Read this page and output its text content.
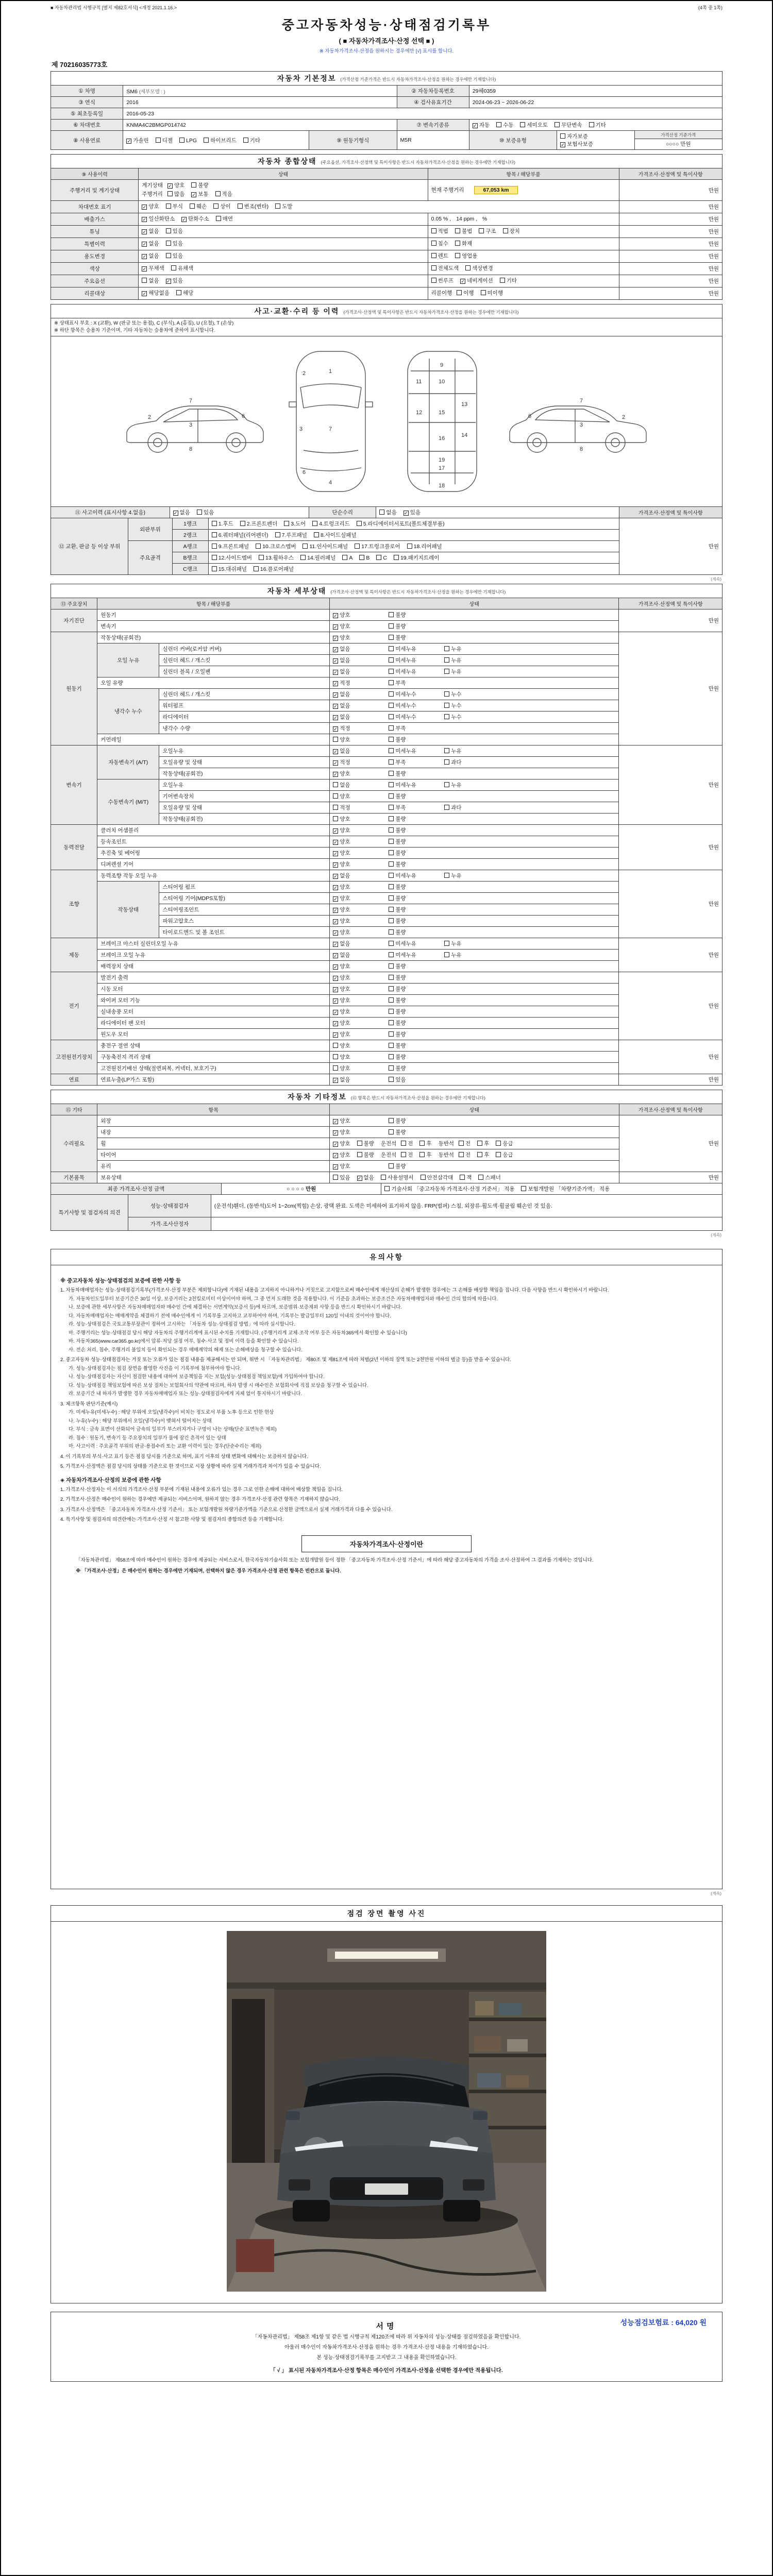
■ 자동차관리법 시행규칙 [별지 제82호서식] <개정 2021.1.16.>	(4쪽 중 1쪽)
중고자동차성능·상태점검기록부
( ■ 자동차가격조사·산정 선택 ■ )
※ 자동차가격조사·산정을 원하시는 경우에만 [√] 표시를 합니다.
제 70216035773호
자동차 기본정보 (가격산정 기준가격은 반드시 자동차가격조사·산정을 원하는 경우에만 기재합니다)						
① 차명	SM6 (세부모델 : )		② 자동차등록번호	29헤0359		
③ 연식	2016		④ 검사유효기간	2024-06-23 ~ 2026-06-22		
⑤ 최초등록일	2016-05-23					
⑥ 차대번호	KNMA4C2BMGP014742		⑦ 변속기종류	✓ 자동 수동 세미오토 무단변속 기타		
⑧ 사용연료	✓ 가솔린 디젤 LPG 하이브리드 기타	⑨ 원동기형식	M5R	⑩ 보증유형	자가보증✓ 보험사보증	가격산정 기준가격
○○○○ 만원
자동차 종합상태 (주요옵션, 가격조사·산정액 및 특이사항은 반드시 자동차가격조사·산정을 원하는 경우에만 기재합니다)			
⑨ 사용이력	상태	항목 / 해당부품	가격조사·산정액 및 특이사항
주행거리 및 계기상태	계기상태 ✓ 양호 불량
주행거리 많음 ✓ 보통 적음	현재 주행거리 67,053 km	만원
차대번호 표기	✓ 양호 부식 훼손 상이 변조(변타) 도말		만원
배출가스	✓ 일산화탄소 ✓ 탄화수소 매연	0.05 % , 14 ppm , %	만원
튜닝	✓ 없음 있음	적법 불법 구조 장치	만원
특별이력	✓ 없음 있음	침수 화재	만원
용도변경	✓ 없음 있음	렌트 영업용	만원
색상	✓ 무채색 유채색	전체도색 색상변경	만원
주요옵션	없음 ✓ 있음	썬루프 ✓ 네비게이션 기타	만원
리콜대상	✓ 해당없음 해당	리콜이행 이행 미이행	만원
사고·교환·수리 등 이력 (가격조사·산정액 및 특이사항은 반드시 자동차가격조사·산정을 원하는 경우에만 기재합니다)

※ 상태표시 부호 : X (교환), W (판금 또는 용접), C (부식), A (흠집), U (요철), T (손상)
※ 하단 항목은 승용차 기준이며, 기타 자동차는 승용차에 준하여 표시합니다.

2
3
7
8
6
1
2
3	7
6
4
9
11	10
13
12	15
14
16
19
17
18
2
3
7
8
6
⑪ 사고이력 (표시사항 4.없음)	✓ 없음 있음	단순수리	없음 ✓ 있음	가격조사·산정액 및 특이사항
⑫ 교환, 판금 등 이상 부위	외판부위	1랭크	1.후드 2.프론트펜더 3.도어 4.트렁크리드 5.라디에이터서포트(볼트체결부품)	만원
		2랭크	6.쿼터패널(리어펜더) 7.루프패널 8.사이드실패널	
	주요골격	A랭크	9.프론트패널 10.크로스멤버 11.인사이드패널 17.트렁크플로어 18.리어패널	
		B랭크	12.사이드멤버 13.휠하우스 14.필러패널 A B C 19.패키지트레이	
		C랭크	15.대쉬패널 16.플로어패널	
(계속)
자동차 세부상태 (가격조사·산정액 및 특이사항은 반드시 자동차가격조사·산정을 원하는 경우에만 기재합니다)				
⑬ 주요장치	항목 / 해당부품		상태	가격조사·산정액 및 특이사항
자기진단	원동기		✓ 양호 불량	만원
	변속기		✓ 양호 불량	
원동기	작동상태(공회전)		✓ 양호 불량	만원
	오일 누유	실린더 커버(로커암 커버)	✓ 없음 미세누유 누유	
		실린더 헤드 / 개스킷	✓ 없음 미세누유 누유	
		실린더 블록 / 오일팬	✓ 없음 미세누유 누유	
	오일 유량		✓ 적정 부족	
	냉각수 누수	실린더 헤드 / 개스킷	✓ 없음 미세누수 누수	
		워터펌프	✓ 없음 미세누수 누수	
		라디에이터	✓ 없음 미세누수 누수	
		냉각수 수량	✓ 적정 부족	
	커먼레일		양호 불량	
변속기	자동변속기 (A/T)	오일누유	✓ 없음 미세누유 누유	만원
		오일유량 및 상태	✓ 적정 부족 과다	
		작동상태(공회전)	✓ 양호 불량	
	수동변속기 (M/T)	오일누유	없음 미세누유 누유	
		기어변속장치	양호 불량	
		오일유량 및 상태	적정 부족 과다	
		작동상태(공회전)	양호 불량	
동력전달	클러치 어셈블리		✓ 양호 불량	만원
	등속조인트		✓ 양호 불량	
	추진축 및 베어링		✓ 양호 불량	
	디퍼렌셜 기어		✓ 양호 불량	
조향	동력조향 작동 오일 누유		✓ 없음 미세누유 누유	만원
	작동상태	스티어링 펌프	✓ 양호 불량	
		스티어링 기어(MDPS포함)	✓ 양호 불량	
		스티어링조인트	✓ 양호 불량	
		파워고압호스	✓ 양호 불량	
		타이로드엔드 및 볼 조인트	✓ 양호 불량	
제동	브레이크 마스터 실린더오일 누유		✓ 없음 미세누유 누유	만원
	브레이크 오일 누유		✓ 없음 미세누유 누유	
	배력장치 상태		✓ 양호 불량	
전기	발전기 출력		✓ 양호 불량	만원
	시동 모터		✓ 양호 불량	
	와이퍼 모터 기능		✓ 양호 불량	
	실내송풍 모터		✓ 양호 불량	
	라디에이터 팬 모터		✓ 양호 불량	
	윈도우 모터		✓ 양호 불량	
고전원전기장치	충전구 절연 상태		양호 불량	만원
	구동축전지 격리 상태		양호 불량	
	고전원전기배선 상태(절연피복, 커넥터, 보호기구)		양호 불량	
연료	연료누출(LP가스 포함)		✓ 없음 있음	만원
자동차 기타정보 (⑮ 항목은 반드시 자동차가격조사·산정을 원하는 경우에만 기재합니다)			
⑮ 기타	항목	상태	가격조사·산정액 및 특이사항
수리필요	외장	✓ 양호 불량	만원
	내장	✓ 양호 불량	
	휠	✓ 양호 불량 운전석 전 후 동반석 전 후 응급	
	타이어	✓ 양호 불량 운전석 전 후 동반석 전 후 응급	
	유리	✓ 양호 불량	
기본품목	보유상태	있음 ✓ 없음 사용설명서 안전삼각대 잭 스패너	만원
최종 가격조사·산정 금액	○ ○ ○ ○ 만원	기술사회 「중고자동차 가격조사·산정 기준서」 적용 보험개발원 「차량기준가액」 적용
특기사항 및 점검자의 의견	성능·상태점검자	(운전석)휀더, (동반석)도어 1~2cm(찍힘) 손상, 광택 완료. 도색은 미세하여 표기하지 않음. FRP(범퍼) 스침, 외장류·휠도색·휠굴림 훼손인 것 있음.
	가격·조사산정자	
(계속)
유의사항
※ 중고자동차 성능·상태점검의 보증에 관한 사항 등
1. 자동차매매업자는 성능·상태점검기록부(가격조사·산정 부분은 제외합니다)에 기재된 내용을 고지하지 아니하거나 거짓으로 고지함으로써 매수인에게 재산상의 손해가 발생한 경우에는 그 손해를 배상할 책임을 집니다. 다음 사항을 반드시 확인하시기 바랍니다.
가. 자동차인도일부터 보증기간은 30일 이상, 보증거리는 2천킬로미터 이상이어야 하며, 그 중 먼저 도래한 것을 적용합니다. 이 기준을 초과하는 보증조건은 자동차매매업자와 매수인 간의 합의에 따릅니다.
나. 보증에 관한 세부사항은 자동차매매업자와 매수인 간에 체결하는 서면계약(보증서 등)에 따르며, 보증범위·보증제외 사항 등을 반드시 확인하시기 바랍니다.
다. 자동차매매업자는 매매계약을 체결하기 전에 매수인에게 이 기록부를 고지하고 교부하여야 하며, 기록부는 발급일부터 120일 이내의 것이어야 합니다.
라. 성능·상태점검은 국토교통부장관이 정하여 고시하는 「자동차 성능·상태점검 방법」에 따라 실시합니다.
마. 주행거리는 성능·상태점검 당시 해당 자동차의 주행거리계에 표시된 수치를 기재합니다. (주행거리계 교체·조작 여부 등은 자동차365에서 확인할 수 있습니다)
바. 자동차365(www.car365.go.kr)에서 압류·저당 설정 여부, 침수·사고 및 정비 이력 등을 확인할 수 있습니다.
사. 전손 처리, 침수, 주행거리 불일치 등이 확인되는 경우 매매계약의 해제 또는 손해배상을 청구할 수 있습니다.
2. 중고자동차 성능·상태점검자는 거짓 또는 오류가 있는 점검 내용을 제공해서는 안 되며, 위반 시 「자동차관리법」 제80조 및 제81조에 따라 처벌(2년 이하의 징역 또는 2천만원 이하의 벌금 등)을 받을 수 있습니다.
가. 성능·상태점검자는 점검 장면을 촬영한 사진을 이 기록부에 첨부하여야 합니다.
나. 성능·상태점검자는 자신이 점검한 내용에 대하여 보증책임을 지는 보험(성능·상태점검 책임보험)에 가입하여야 합니다.
다. 성능·상태점검 책임보험에 따른 보상 절차는 보험회사의 약관에 따르며, 하자 발생 시 매수인은 보험회사에 직접 보상을 청구할 수 있습니다.
라. 보증기간 내 하자가 발생한 경우 자동차매매업자 또는 성능·상태점검자에게 지체 없이 통지하시기 바랍니다.
3. 체크항목 판단기준(예시)
가. 미세누유(미세누수) : 해당 부위에 오일(냉각수)이 비치는 정도로서 부품 노후 등으로 인한 현상
나. 누유(누수) : 해당 부위에서 오일(냉각수)이 맺혀서 떨어지는 상태
다. 부식 : 금속 표면이 산화되어 금속의 일부가 부스러지거나 구멍이 나는 상태(단순 표면녹은 제외)
라. 침수 : 원동기, 변속기 등 주요장치의 일부가 물에 잠긴 흔적이 있는 상태
마. 사고이력 : 주요골격 부위의 판금·용접수리 또는 교환 이력이 있는 경우(단순수리는 제외)
4. 이 기록부의 부식·사고 표기 등은 점검 당시를 기준으로 하며, 표기 이후의 상태 변화에 대해서는 보증하지 않습니다.
5. 가격조사·산정액은 점검 당시의 상태를 기준으로 한 것이므로 시장 상황에 따라 실제 거래가격과 차이가 있을 수 있습니다.
◈ 자동차가격조사·산정의 보증에 관한 사항
1. 가격조사·산정자는 이 서식의 가격조사·산정 부분에 기재된 내용에 오류가 있는 경우 그로 인한 손해에 대하여 배상할 책임을 집니다.
2. 가격조사·산정은 매수인이 원하는 경우에만 제공되는 서비스이며, 원하지 않는 경우 가격조사·산정 관련 항목은 기재하지 않습니다.
3. 가격조사·산정액은 「중고자동차 가격조사·산정 기준서」 또는 보험개발원 차량기준가액을 기준으로 산정한 금액으로서 실제 거래가격과 다를 수 있습니다.
4. 특기사항 및 점검자의 의견란에는 가격조사·산정 시 참고한 사항 및 점검자의 종합의견 등을 기재합니다.
자동차가격조사·산정이란
「자동차관리법」 제58조에 따라 매수인이 원하는 경우에 제공되는 서비스로서, 한국자동차기술사회 또는 보험개발원 등이 정한 「중고자동차 가격조사·산정 기준서」에 따라 해당 중고자동차의 가격을 조사·산정하여 그 결과를 기재하는 것입니다.
※ 「가격조사·산정」은 매수인이 원하는 경우에만 기재되며, 선택하지 않은 경우 가격조사·산정 관련 항목은 빈칸으로 둡니다.
(계속)
점검 장면 촬영 사진
서명	성능점검보험료 : 64,020 원
「자동차관리법」 제58조 제1항 및 같은 법 시행규칙 제120조에 따라 위 자동차의 성능·상태를 점검하였음을 확인합니다.
아울러 매수인이 자동차가격조사·산정을 원하는 경우 가격조사·산정 내용을 기재하였습니다.
본 성능·상태점검기록부를 고지받고 그 내용을 확인하였습니다.
「 √ 」 표시된 자동차가격조사·산정 항목은 매수인이 가격조사·산정을 선택한 경우에만 적용됩니다.
